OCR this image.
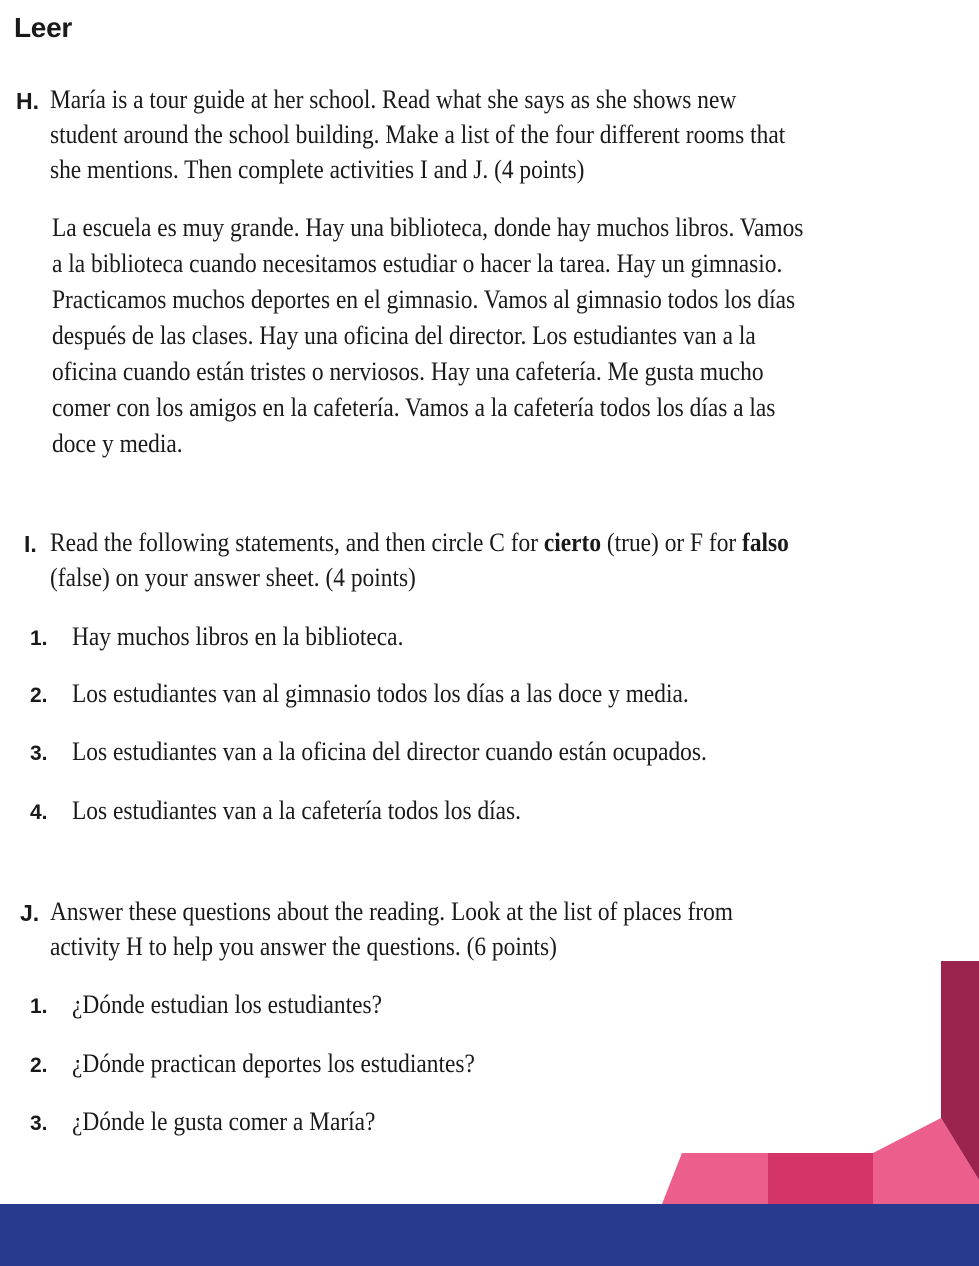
Leer
H. María is a tour guide at her school. Read what she says as she shows new
student around the school building. Make a list of the four different rooms that
she mentions. Then complete activities I and J. (4 points)

La escuela es muy grande. Hay una biblioteca, donde hay muchos libros. Vamos
a la biblioteca cuando necesitamos estudiar o hacer la tarea. Hay un gimnasio.
Practicamos muchos deportes en el gimnasio. Vamos al gimnasio todos los días
después de las clases. Hay una oficina del director. Los estudiantes van a la
oficina cuando están tristes o nerviosos. Hay una cafetería. Me gusta mucho
comer con los amigos en la cafetería. Vamos a la cafetería todos los días a las
doce y media.

I. Read the following statements, and then circle C for cierto (true) or F for falso
(false) on your answer sheet. (4 points)

1. Hay muchos libros en la biblioteca.
2. Los estudiantes van al gimnasio todos los días a las doce y media.
3. Los estudiantes van a la oficina del director cuando están ocupados.
4. Los estudiantes van a la cafetería todos los días.
J. Answer these questions about the reading. Look at the list of places from
activity H to help you answer the questions. (6 points)

1. ¿Dónde estudian los estudiantes?
2. ¿Dónde practican deportes los estudiantes?
3. ¿Dónde le gusta comer a María?
